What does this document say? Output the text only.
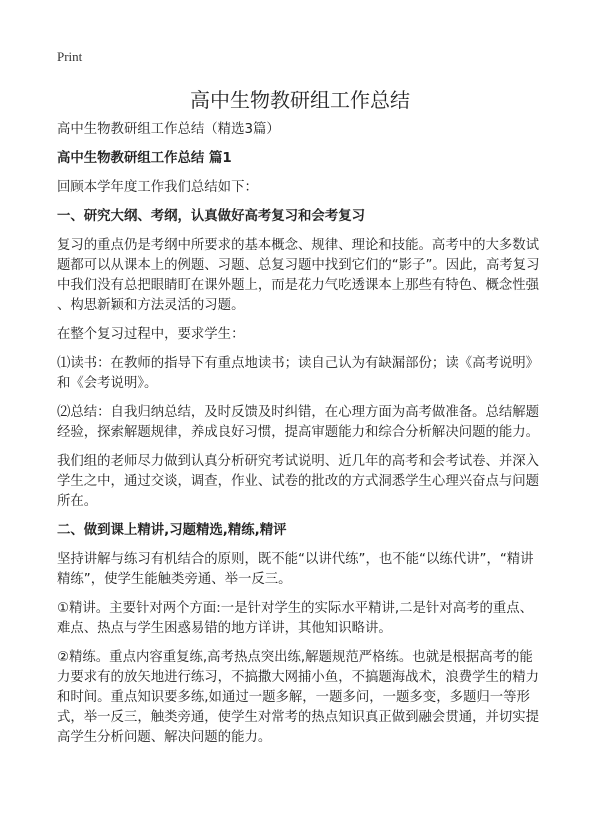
Print
高中生物教研组工作总结

高中生物教研组工作总结（精选3篇）

高中生物教研组工作总结 篇1

回顾本学年度工作我们总结如下：

一、研究大纲、考纲，认真做好高考复习和会考复习

复习的重点仍是考纲中所要求的基本概念、规律、理论和技能。高考中的大多数试
题都可以从课本上的例题、习题、总复习题中找到它们的“影子”。因此，高考复习
中我们没有总把眼睛盯在课外题上，而是花力气吃透课本上那些有特色、概念性强
、构思新颖和方法灵活的习题。

在整个复习过程中，要求学生：

⑴读书：在教师的指导下有重点地读书；读自己认为有缺漏部份；读《高考说明》
和《会考说明》。

⑵总结：自我归纳总结，及时反馈及时纠错，在心理方面为高考做准备。总结解题
经验，探索解题规律，养成良好习惯，提高审题能力和综合分析解决问题的能力。

我们组的老师尽力做到认真分析研究考试说明、近几年的高考和会考试卷、并深入
学生之中，通过交谈，调查，作业、试卷的批改的方式洞悉学生心理兴奋点与问题
所在。

二、做到课上精讲,习题精选,精练,精评

坚持讲解与练习有机结合的原则，既不能“以讲代练”，也不能“以练代讲”，“精讲
精练”，使学生能触类旁通、举一反三。

①精讲。主要针对两个方面:一是针对学生的实际水平精讲,二是针对高考的重点、
难点、热点与学生困惑易错的地方详讲，其他知识略讲。

②精练。重点内容重复练,高考热点突出练,解题规范严格练。也就是根据高考的能
力要求有的放矢地进行练习，不搞撒大网捕小鱼，不搞题海战术，浪费学生的精力
和时间。重点知识要多练,如通过一题多解，一题多问，一题多变，多题归一等形
式，举一反三，触类旁通，使学生对常考的热点知识真正做到融会贯通，并切实提
高学生分析问题、解决问题的能力。
